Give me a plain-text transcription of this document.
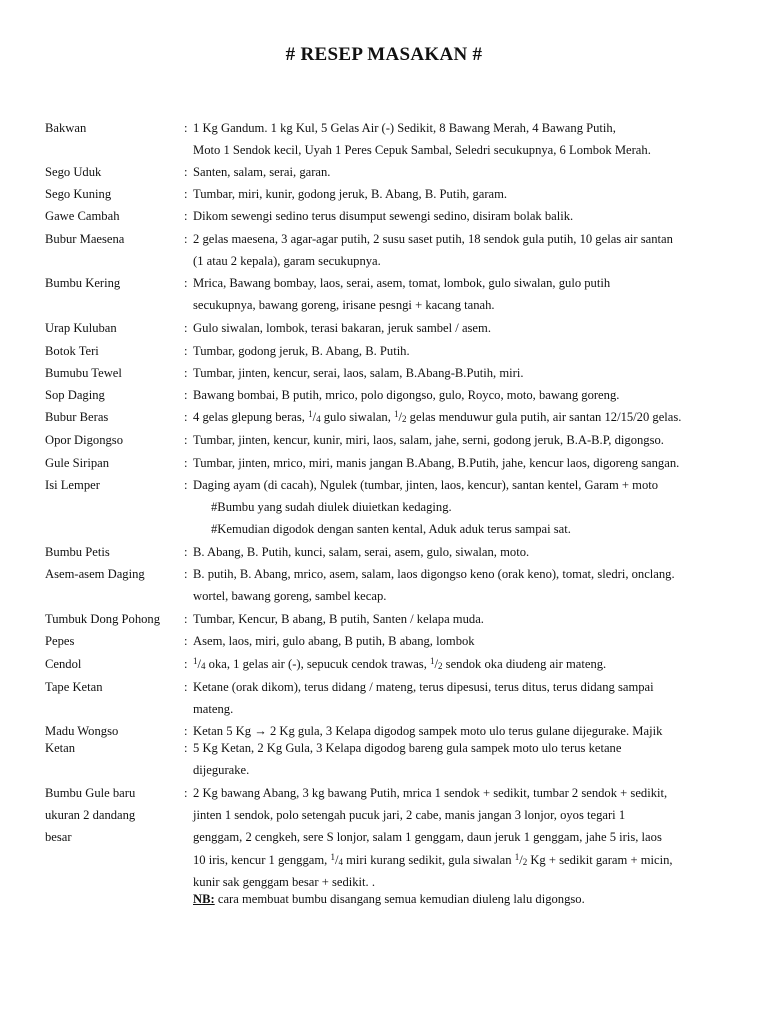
# RESEP MASAKAN #
Bakwan	: 1 Kg Gandum. 1 kg Kul, 5 Gelas Air (-) Sedikit, 8 Bawang Merah, 4 Bawang Putih,
Moto 1 Sendok kecil, Uyah 1 Peres Cepuk Sambal, Seledri secukupnya, 6 Lombok Merah.
Sego Uduk	: Santen, salam, serai, garan.
Sego Kuning	: Tumbar, miri, kunir, godong jeruk, B. Abang, B. Putih, garam.
Gawe Cambah	: Dikom sewengi sedino terus disumput sewengi sedino, disiram bolak balik.
Bubur Maesena	: 2 gelas maesena, 3 agar-agar putih, 2 susu saset putih, 18 sendok gula putih, 10 gelas air santan
(1 atau 2 kepala), garam secukupnya.
Bumbu Kering	: Mrica, Bawang bombay, laos, serai, asem, tomat, lombok, gulo siwalan, gulo putih
secukupnya, bawang goreng, irisane pesngi + kacang tanah.
Urap Kuluban	: Gulo siwalan, lombok, terasi bakaran, jeruk sambel / asem.
Botok Teri	: Tumbar, godong jeruk, B. Abang, B. Putih.
Bumubu Tewel	: Tumbar, jinten, kencur, serai, laos, salam, B.Abang-B.Putih, miri.
Sop Daging	: Bawang bombai, B putih, mrico, polo digongso, gulo, Royco, moto, bawang goreng.
Bubur Beras	: 4 gelas glepung beras, $^1$/4 gulo siwalan, $^1$/2 gelas menduwur gula putih, air santan 12/15/20 gelas.
Opor Digongso	: Tumbar, jinten, kencur, kunir, miri, laos, salam, jahe, serni, godong jeruk, B.A-B.P, digongso.
Gule Siripan	: Tumbar, jinten, mrico, miri, manis jangan B.Abang, B.Putih, jahe, kencur laos, digoreng sangan.
Isi Lemper	: Daging ayam (di cacah), Ngulek (tumbar, jinten, laos, kencur), santan kentel, Garam + moto
#Bumbu yang sudah diulek diuietkan kedaging.
#Kemudian digodok dengan santen kental, Aduk aduk terus sampai sat.
Bumbu Petis	: B. Abang, B. Putih, kunci, salam, serai, asem, gulo, siwalan, moto.
Asem-asem Daging	: B. putih, B. Abang, mrico, asem, salam, laos digongso keno (orak keno), tomat, sledri, onclang.
wortel, bawang goreng, sambel kecap.
Tumbuk Dong Pohong	: Tumbar, Kencur, B abang, B putih, Santen / kelapa muda.
Pepes	: Asem, laos, miri, gulo abang, B putih, B abang, lombok
Cendol	: $^1$/4 oka, 1 gelas air (-), sepucuk cendok trawas, $^1$/2 sendok oka diudeng air mateng.
Tape Ketan	: Ketane (orak dikom), terus didang / mateng, terus dipesusi, terus ditus, terus didang sampai
mateng.
Madu Wongso	: Ketan 5 Kg → 2 Kg gula, 3 Kelapa digodog sampek moto ulo terus gulane dijegurake. Majik
Ketan	: 5 Kg Ketan, 2 Kg Gula, 3 Kelapa digodog bareng gula sampek moto ulo terus ketane
dijegurake.
Bumbu Gule baru	: 2 Kg bawang Abang, 3 kg bawang Putih, mrica 1 sendok + sedikit, tumbar 2 sendok + sedikit,
ukuran 2 dandang	jinten 1 sendok, polo setengah pucuk jari, 2 cabe, manis jangan 3 lonjor, oyos tegari 1
besar	genggam, 2 cengkeh, sere S lonjor, salam 1 genggam, daun jeruk 1 genggam, jahe 5 iris, laos
10 iris, kencur 1 genggam, $^1$/4 miri kurang sedikit, gula siwalan $^1$/2 Kg + sedikit garam + micin,
kunir sak genggam besar + sedikit. .
NB: cara membuat bumbu disangang semua kemudian diuleng lalu digongso.
